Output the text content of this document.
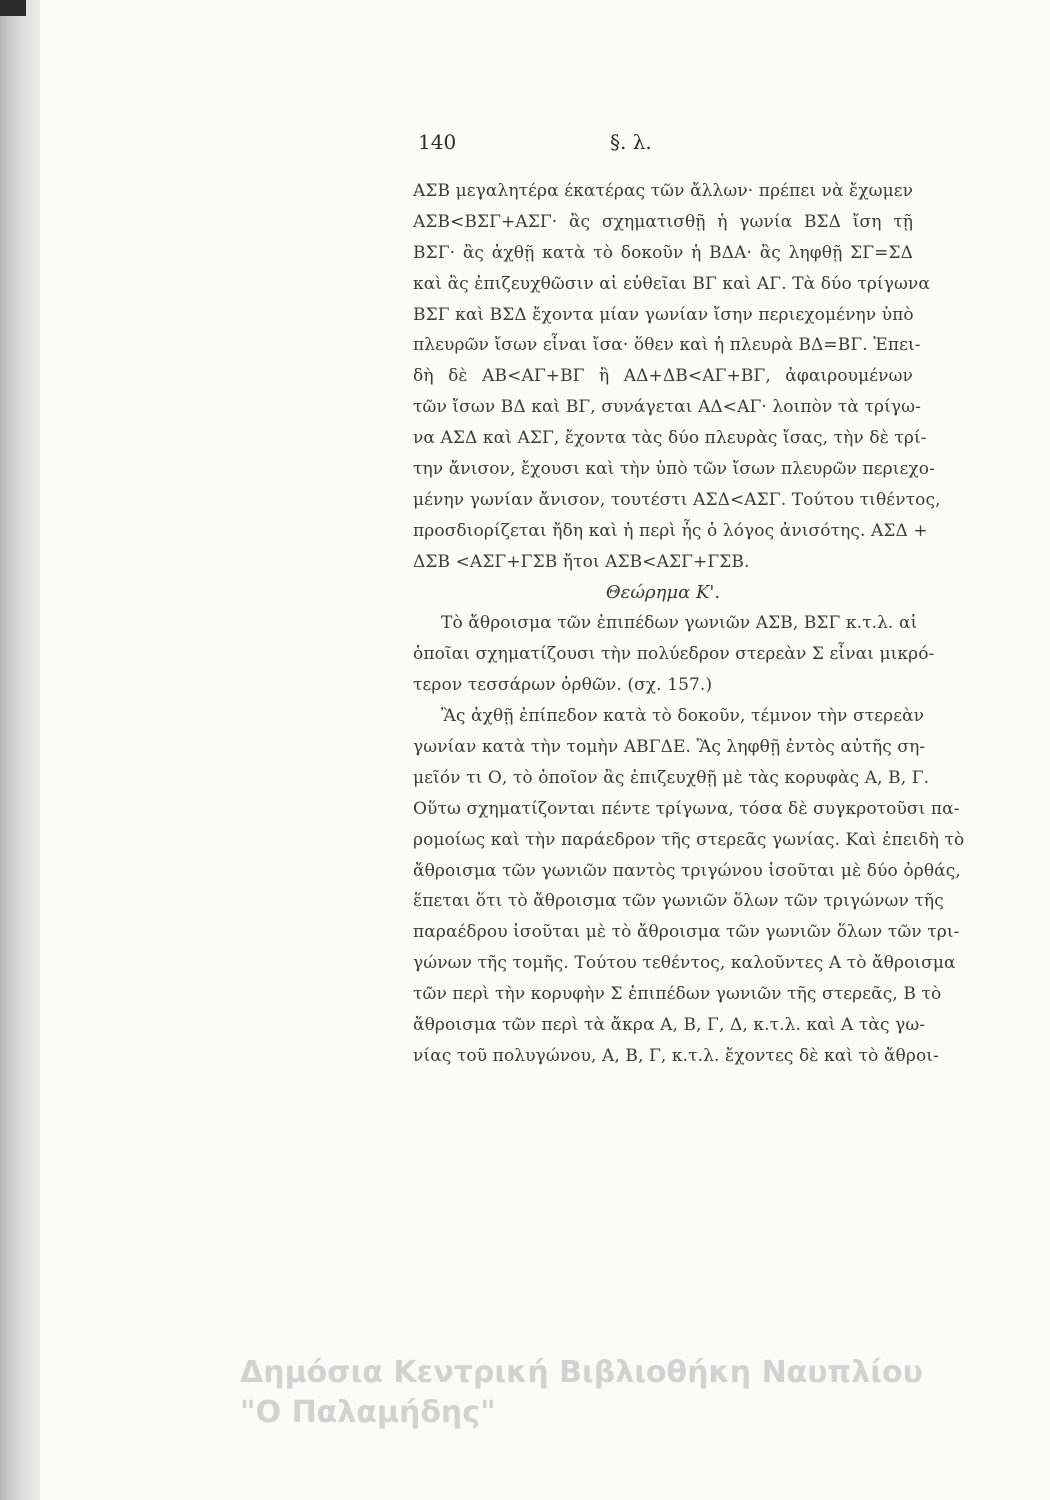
140	§. λ.
ΑΣΒ μεγαλητέρα έκατέρας τῶν ἄλλων· πρέπει νὰ ἔχωμεν
ΑΣΒ<ΒΣΓ+ΑΣΓ· ἂς σχηματισθῇ ἡ γωνία ΒΣΔ ἴση τῇ
ΒΣΓ· ἂς ἀχθῇ κατὰ τὸ δοκοῦν ἡ ΒΔΑ· ἂς ληφθῇ ΣΓ=ΣΔ
καὶ ἂς ἐπιζευχθῶσιν αἱ εὐθεῖαι ΒΓ καὶ ΑΓ. Τὰ δύο τρίγωνα
ΒΣΓ καὶ ΒΣΔ ἔχοντα μίαν γωνίαν ἴσην περιεχομένην ὑπὸ
πλευρῶν ἴσων εἶναι ἴσα· ὅθεν καὶ ἡ πλευρὰ ΒΔ=ΒΓ. Ἐπει-
δὴ δὲ ΑΒ<ΑΓ+ΒΓ ἢ ΑΔ+ΔΒ<ΑΓ+ΒΓ, ἀφαιρουμένων
τῶν ἴσων ΒΔ καὶ ΒΓ, συνάγεται ΑΔ<ΑΓ· λοιπὸν τὰ τρίγω-
να ΑΣΔ καὶ ΑΣΓ, ἔχοντα τὰς δύο πλευρὰς ἴσας, τὴν δὲ τρί-
την ἄνισον, ἔχουσι καὶ τὴν ὑπὸ τῶν ἴσων πλευρῶν περιεχο-
μένην γωνίαν ἄνισον, τουτέστι ΑΣΔ<ΑΣΓ. Τούτου τιθέντος,
προσδιορίζεται ἤδη καὶ ἡ περὶ ἧς ὁ λόγος ἀνισότης. ΑΣΔ +
ΔΣΒ <ΑΣΓ+ΓΣΒ ἤτοι ΑΣΒ<ΑΣΓ+ΓΣΒ.
Θεώρημα Κ'.
Τὸ ἄθροισμα τῶν ἐπιπέδων γωνιῶν ΑΣΒ, ΒΣΓ κ.τ.λ. αἱ
ὁποῖαι σχηματίζουσι τὴν πολύεδρον στερεὰν Σ εἶναι μικρό-
τερον τεσσάρων ὀρθῶν. (σχ. 157.)
Ἂς ἀχθῇ ἐπίπεδον κατὰ τὸ δοκοῦν, τέμνον τὴν στερεὰν
γωνίαν κατὰ τὴν τομὴν ΑΒΓΔΕ. Ἂς ληφθῇ ἐντὸς αὐτῆς ση-
μεῖόν τι Ο, τὸ ὁποῖον ἂς ἐπιζευχθῇ μὲ τὰς κορυφὰς Α, Β, Γ.
Οὕτω σχηματίζονται πέντε τρίγωνα, τόσα δὲ συγκροτοῦσι πα-
ρομοίως καὶ τὴν παράεδρον τῆς στερεᾶς γωνίας. Καὶ ἐπειδὴ τὸ
ἄθροισμα τῶν γωνιῶν παντὸς τριγώνου ἰσοῦται μὲ δύο ὀρθάς,
ἕπεται ὅτι τὸ ἄθροισμα τῶν γωνιῶν ὅλων τῶν τριγώνων τῆς
παραέδρου ἰσοῦται μὲ τὸ ἄθροισμα τῶν γωνιῶν ὅλων τῶν τρι-
γώνων τῆς τομῆς. Τούτου τεθέντος, καλοῦντες Α τὸ ἄθροισμα
τῶν περὶ τὴν κορυφὴν Σ ἐπιπέδων γωνιῶν τῆς στερεᾶς, Β τὸ
ἄθροισμα τῶν περὶ τὰ ἄκρα Α, Β, Γ, Δ, κ.τ.λ. καὶ Α τὰς γω-
νίας τοῦ πολυγώνου, Α, Β, Γ, κ.τ.λ. ἔχοντες δὲ καὶ τὸ ἄθροι-
Δημόσια Κεντρική Βιβλιοθήκη Ναυπλίου
"Ο Παλαμήδης"
